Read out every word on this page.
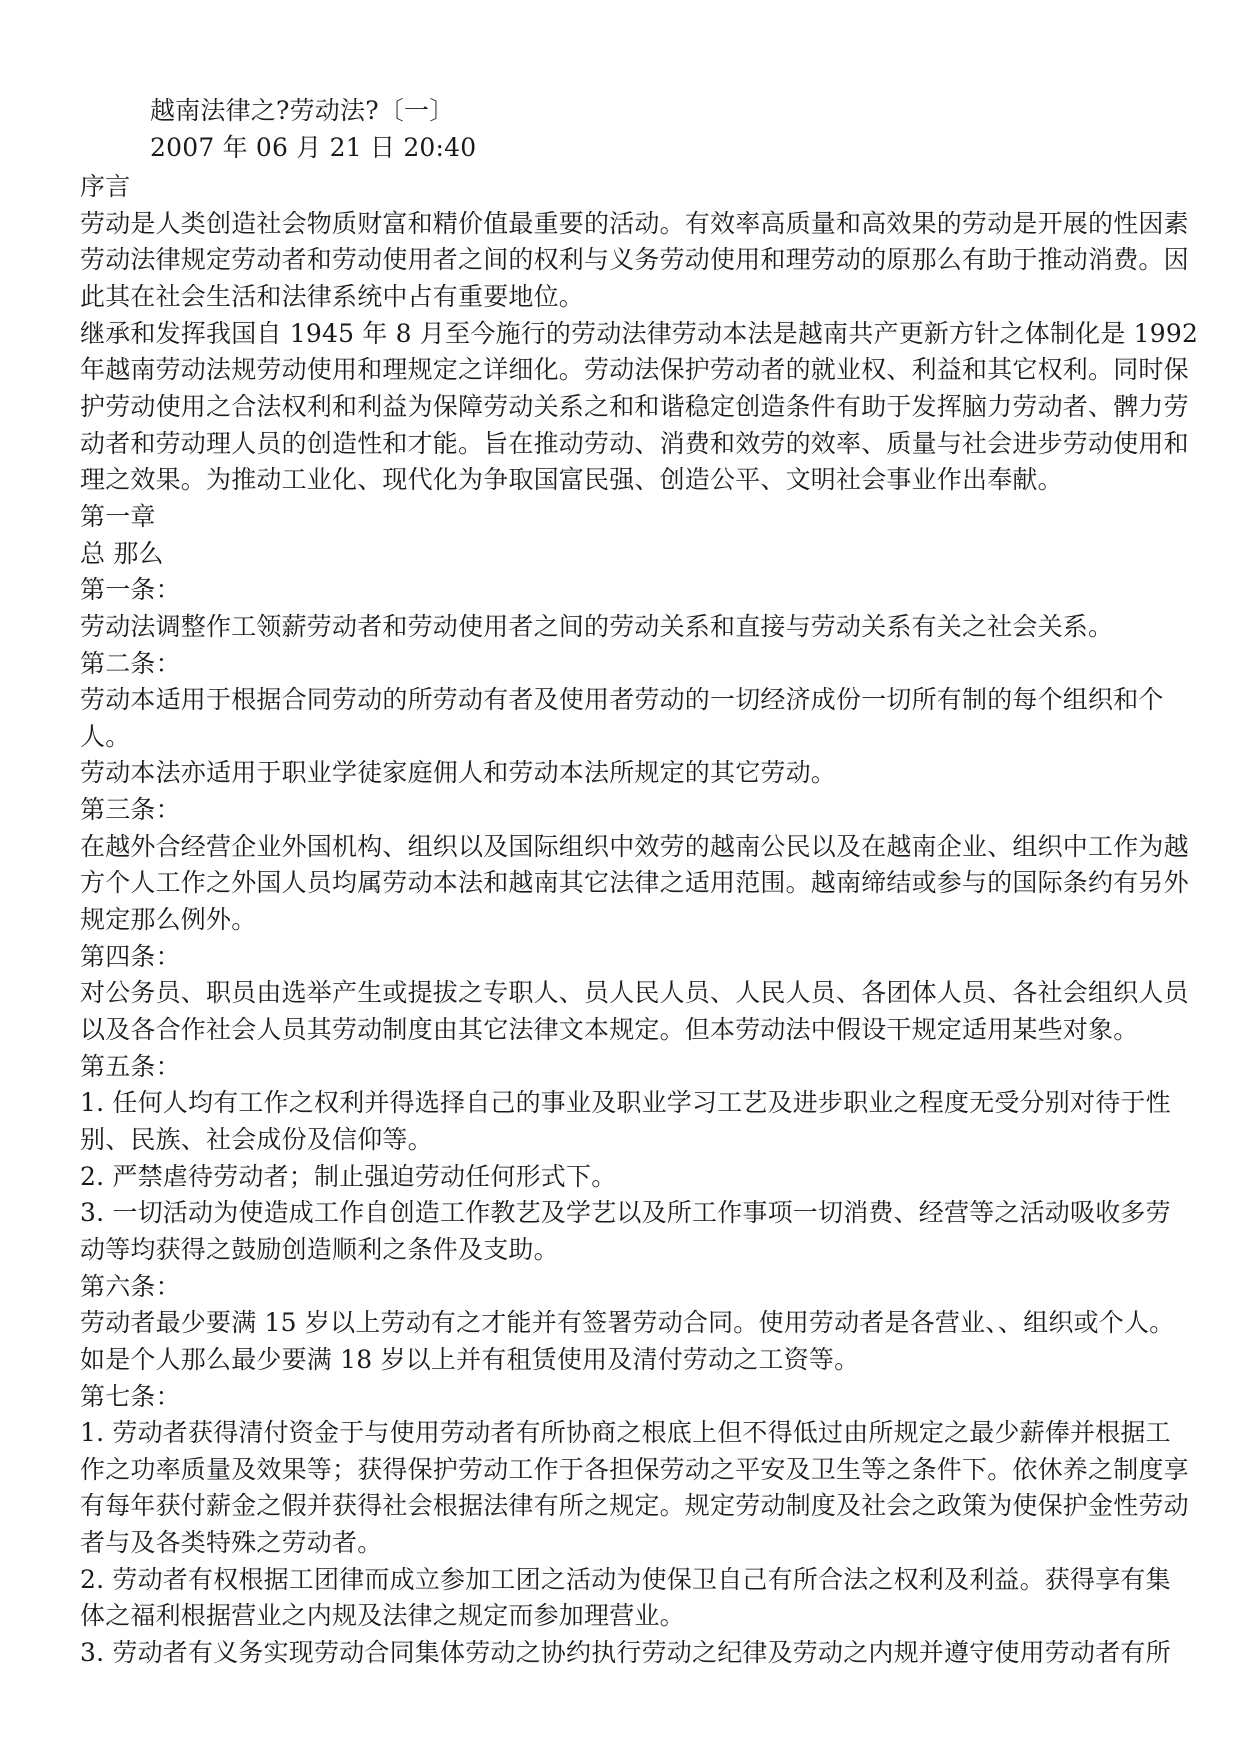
越南法律之?劳动法?〔一〕
2007 年 06 月 21 日 20:40
序言
劳动是人类创造社会物质财富和精价值最重要的活动。有效率高质量和高效果的劳动是开展的性因素
劳动法律规定劳动者和劳动使用者之间的权利与义务劳动使用和理劳动的原那么有助于推动消费。因
此其在社会生活和法律系统中占有重要地位。
继承和发挥我国自 1945 年 8 月至今施行的劳动法律劳动本法是越南共产更新方针之体制化是 1992
年越南劳动法规劳动使用和理规定之详细化。劳动法保护劳动者的就业权、利益和其它权利。同时保
护劳动使用之合法权利和利益为保障劳动关系之和和谐稳定创造条件有助于发挥脑力劳动者、髀力劳
动者和劳动理人员的创造性和才能。旨在推动劳动、消费和效劳的效率、质量与社会进步劳动使用和
理之效果。为推动工业化、现代化为争取国富民强、创造公平、文明社会事业作出奉献。
第一章
总 那么
第一条：
劳动法调整作工领薪劳动者和劳动使用者之间的劳动关系和直接与劳动关系有关之社会关系。
第二条：
劳动本适用于根据合同劳动的所劳动有者及使用者劳动的一切经济成份一切所有制的每个组织和个
人。
劳动本法亦适用于职业学徒家庭佣人和劳动本法所规定的其它劳动。
第三条：
在越外合经营企业外国机构、组织以及国际组织中效劳的越南公民以及在越南企业、组织中工作为越
方个人工作之外国人员均属劳动本法和越南其它法律之适用范围。越南缔结或参与的国际条约有另外
规定那么例外。
第四条：
对公务员、职员由选举产生或提拔之专职人、员人民人员、人民人员、各团体人员、各社会组织人员
以及各合作社会人员其劳动制度由其它法律文本规定。但本劳动法中假设干规定适用某些对象。
第五条：
1. 任何人均有工作之权利并得选择自己的事业及职业学习工艺及进步职业之程度无受分别对待于性
别、民族、社会成份及信仰等。
2. 严禁虐待劳动者；制止强迫劳动任何形式下。
3. 一切活动为使造成工作自创造工作教艺及学艺以及所工作事项一切消费、经营等之活动吸收多劳
动等均获得之鼓励创造顺利之条件及支助。
第六条：
劳动者最少要满 15 岁以上劳动有之才能并有签署劳动合同。使用劳动者是各营业、、组织或个人。
如是个人那么最少要满 18 岁以上并有租赁使用及清付劳动之工资等。
第七条：
1. 劳动者获得清付资金于与使用劳动者有所协商之根底上但不得低过由所规定之最少薪俸并根据工
作之功率质量及效果等；获得保护劳动工作于各担保劳动之平安及卫生等之条件下。依休养之制度享
有每年获付薪金之假并获得社会根据法律有所之规定。规定劳动制度及社会之政策为使保护金性劳动
者与及各类特殊之劳动者。
2. 劳动者有权根据工团律而成立参加工团之活动为使保卫自己有所合法之权利及利益。获得享有集
体之福利根据营业之内规及法律之规定而参加理营业。
3. 劳动者有义务实现劳动合同集体劳动之协约执行劳动之纪律及劳动之内规并遵守使用劳动者有所
